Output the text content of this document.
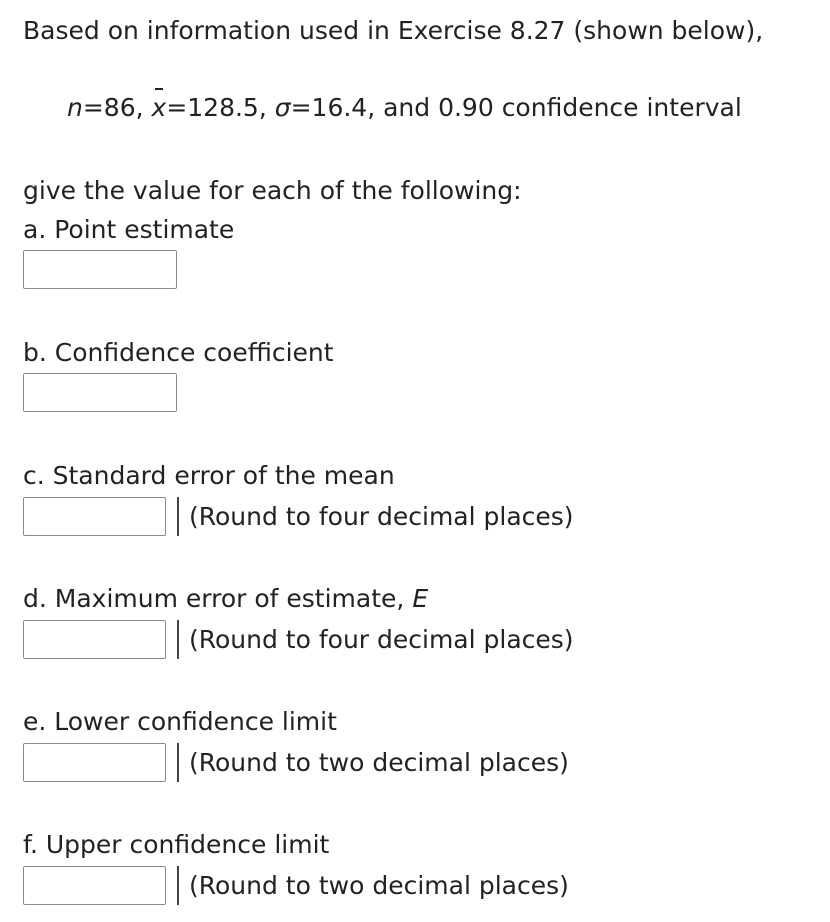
Based on information used in Exercise 8.27 (shown below),
n=86, x=128.5, σ=16.4, and 0.90 confidence interval
give the value for each of the following:
a. Point estimate
b. Confidence coefficient
c. Standard error of the mean
(Round to four decimal places)
d. Maximum error of estimate, E
(Round to four decimal places)
e. Lower confidence limit
(Round to two decimal places)
f. Upper confidence limit
(Round to two decimal places)
